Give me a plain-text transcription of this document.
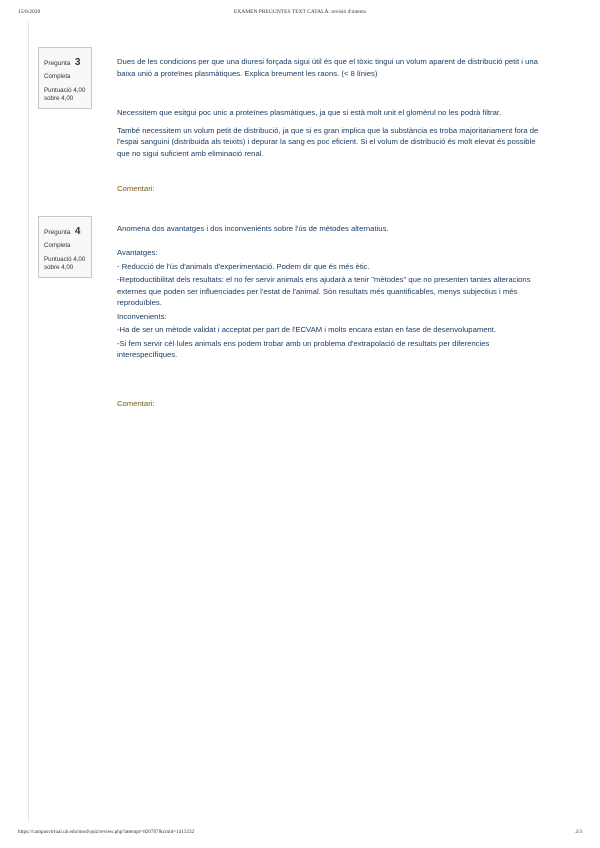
15/6/2020	EXAMEN PREGUNTES TEXT CATALÀ: revisió d'intents
Pregunta 3
Completa
Puntuació 4,00
sobre 4,00

Dues de les condicions per que una diuresi forçada sigui útil és que el tòxic tingui un volum aparent de distribució petit i una baixa unió a proteïnes plasmàtiques. Explica breument les raons. (< 8 línies)

Necessitem que esitgui poc unic a proteïnes plasmàtiques, ja que si està molt unit el glomèrul no les podrà filtrar.

També necessitem un volum petit de distribució, ja que si es gran implica que la substància es troba majoritariament fora de l'espai sanguini (distribuida als teixits) i depurar la sang es poc eficient. Si el volum de distribució és molt elevat és possible que no sigui suficient amb eliminació renal.

Comentari:
Pregunta 4
Completa
Puntuació 4,00
sobre 4,00

Anomena dos avantatges i dos inconvenients sobre l'ús de mètodes alternatius.

Avantatges:

- Reducció de l'ús d'animals d'experimentació. Podem dir que és més ètic.

-Reptoductibilitat dels resultats: el no fer servir animals ens ajudarà a tenir "mètodes" que no presenten tantes alteracions externes que poden ser influenciades per l'estat de l'animal. Són resultats més quantificables, menys subjectius i més reproduïbles.

Inconvenients:

-Ha de ser un mètode validat i acceptat per part de l'ECVAM i molts encara estan en fase de desenvolupament.

-Si fem servir cèl·lules animals ens podem trobar amb un problema d'extrapolació de resultats per diferencies interespecífiques.

Comentari:
https://campusvirtual.ub.edu/mod/quiz/review.php?attempt=820707&cmid=1413232	2/3
